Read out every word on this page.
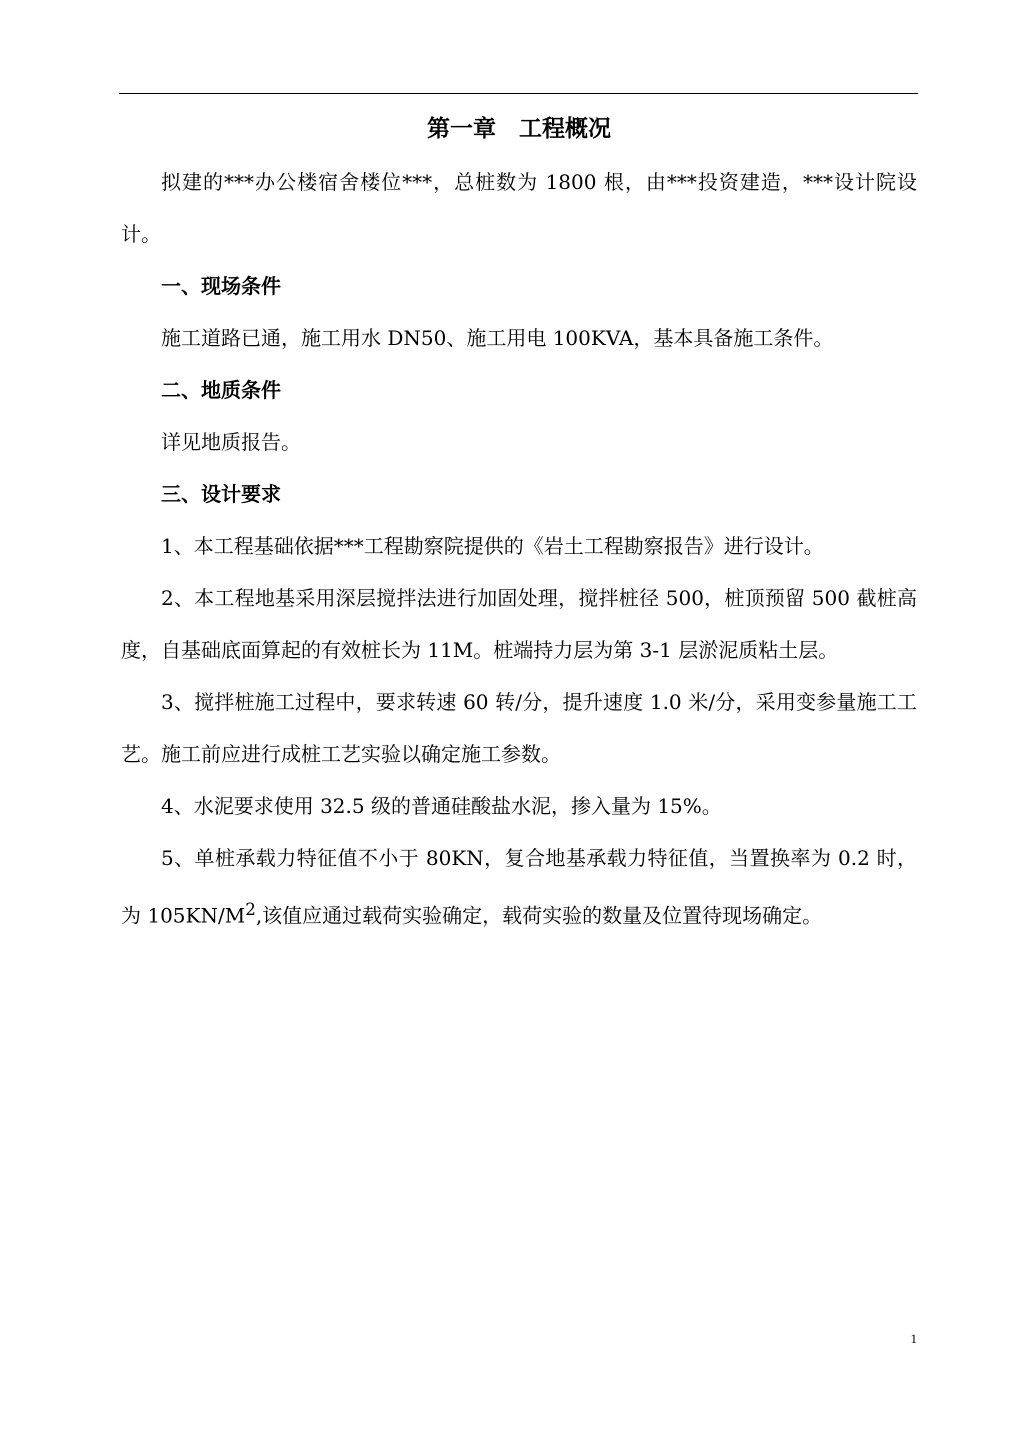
第一章　工程概况

拟建的***办公楼宿舍楼位***，总桩数为 1800 根，由***投资建造，***设计院设计。

一、现场条件

施工道路已通，施工用水 DN50、施工用电 100KVA，基本具备施工条件。

二、地质条件

详见地质报告。

三、设计要求

1、本工程基础依据***工程勘察院提供的《岩土工程勘察报告》进行设计。

2、本工程地基采用深层搅拌法进行加固处理，搅拌桩径 500，桩顶预留 500 截桩高度，自基础底面算起的有效桩长为 11M。桩端持力层为第 3-1 层淤泥质粘土层。

3、搅拌桩施工过程中，要求转速 60 转/分，提升速度 1.0 米/分，采用变参量施工工艺。施工前应进行成桩工艺实验以确定施工参数。

4、水泥要求使用 32.5 级的普通硅酸盐水泥，掺入量为 15%。

5、单桩承载力特征值不小于 80KN，复合地基承载力特征值，当置换率为 0.2 时，为 $105KN/M^2$,该值应通过载荷实验确定，载荷实验的数量及位置待现场确定。

1
